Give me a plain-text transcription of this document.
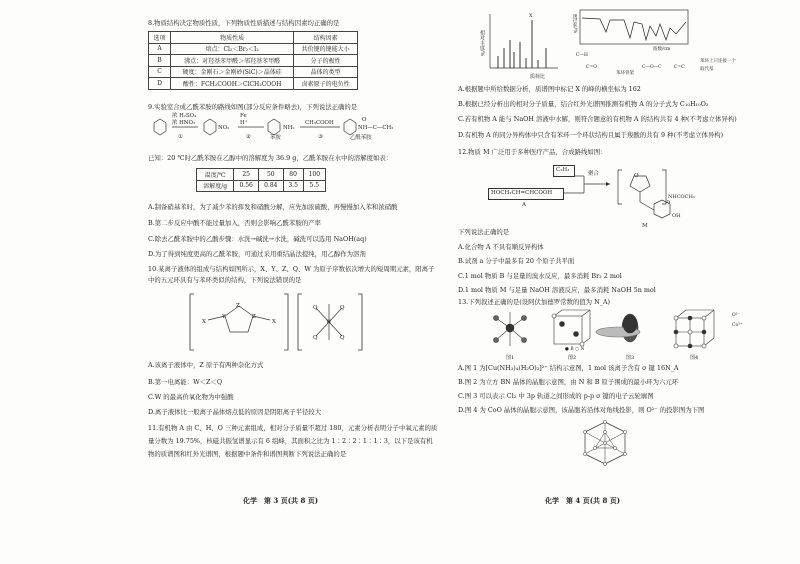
8.物质结构决定物质性质，下列物质性质描述与结构因素均正确的是
选项	物质性质	结构因素
A	熔点：Cl₂＜Br₂＜I₂	共价键的键能大小
B	沸点：对羟基苯甲醛＞邻羟基苯甲醛	分子的极性
C	硬度：金刚石＞金刚砂(SiC)＞晶体硅	晶体的类型
D	酸性：FCH₂COOH＞ClCH₂COOH	卤素原子的电负性
9.实验室合成乙酰苯胺的路线如图(部分反应条件略去)，下列说法正确的是
浓 H₂SO₄
浓 HNO₃
NO₂
Fe
H⁺
NH₂
苯胺
CH₃COOH
①	②	③
O
NH—C—CH₃
乙酰苯胺
已知：20 ℃时乙酰苯胺在乙醇中的溶解度为 36.9 g，乙酰苯胺在水中的溶解度如表：
温度/℃	25	50	80	100
溶解度/g	0.56	0.84	3.5	5.5
A.制备硝基苯时，为了减少苯的挥发和硝酸分解，应先加浓硫酸，再慢慢加入苯和浓硝酸
B.第二步反应中酸不能过量加入，否则会影响乙酰苯胺的产率
C.除去乙酰苯胺中的乙酸步骤：水洗→碱洗→水洗，碱洗可以选用 NaOH(aq)
D.为了得到纯度更高的乙酰苯胺，可通过采用重结晶法提纯，用乙醇作为溶剂
10.某离子液体的组成与结构如图所示，X、Y、Z、Q、W 为原子序数依次增大的短周期元素，阳离子
中的五元环具有与苯环类似的结构，下列说法错误的是
Z
Y	Z
X	X	W
Q	Q
Q	Q
A.该离子液体中，Z 原子有两种杂化方式
B.第一电离能：W＜Z＜Q
C.W 的最高价氧化物为中强酸
D.离子液体比一般离子晶体熔点低的原因是阴阳离子半径较大
11.有机物 A 由 C、H、O 三种元素组成，相对分子质量不超过 180，元素分析表明分子中氧元素的质
量分数为 19.75%，核磁共振氢谱显示有 6 组峰，其面积之比为 1∶2∶2∶1∶1∶3，以下是该有机
物的质谱图和红外光谱图，根据题中条件和谱图判断下列说法正确的是
化学　第 3 页(共 8 页)
相对丰度/%
质荷比
X	透过率/%
波数/cm
C—H
C=O
苯环骨架
C—O—C	C=C
苯环上只连接一个取代基
A.根据题中所给数据分析，质谱图中标记 X 的峰的横坐标为 162
B.根据已经分析出的相对分子质量，结合红外光谱图推测有机物 A 的分子式为 C₁₀H₁₀O₂
C.若有机物 A 能与 NaOH 溶液中水解，则符合题意的有机物 A 的结构共有 4 种(不考虑立体异构)
D.有机物 A 的同分异构体中只含有苯环一个环状结构且属于羧酸的共有 9 种(不考虑立体异构)
12.物质 M 广泛用于多种医疗产品，合成路线如图：
C₂H₃
HOCH₂CH=CHCOOH
A
聚合	O
NHCOCH₃
OH
n
M
下列说法正确的是
A.化合物 A 不具有顺反异构体
B.试剂 a 分子中最多有 20 个原子共平面
C.1 mol 物质 B 与足量的溴水反应，最多消耗 Br₂ 2 mol
D.1 mol 物质 M 与足量 NaOH 溶液反应，最多消耗 NaOH 5n mol
13.下列叙述正确的是(设阿伏加德罗常数的值为 N_A)
O²⁻
Co²⁺
● B ○ N
图1	图2	图3	图4
A.图 1 为[Cu(NH₃)₄(H₂O)₂]²⁺ 结构示意图，1 mol 该离子含有 σ 键 16N_A
B.图 2 为立方 BN 晶体的晶胞示意图，由 N 和 B 原子围成的最小环为六元环
C.图 3 可以表示 Cl₂ 中 3p 轨道之间形成的 p-p σ 键的电子云轮廓图
D.图 4 为 CoO 晶体的晶胞示意图，该晶胞若沿体对角线投影，则 O²⁻ 的投影图为下图
化学　第 4 页(共 8 页)
